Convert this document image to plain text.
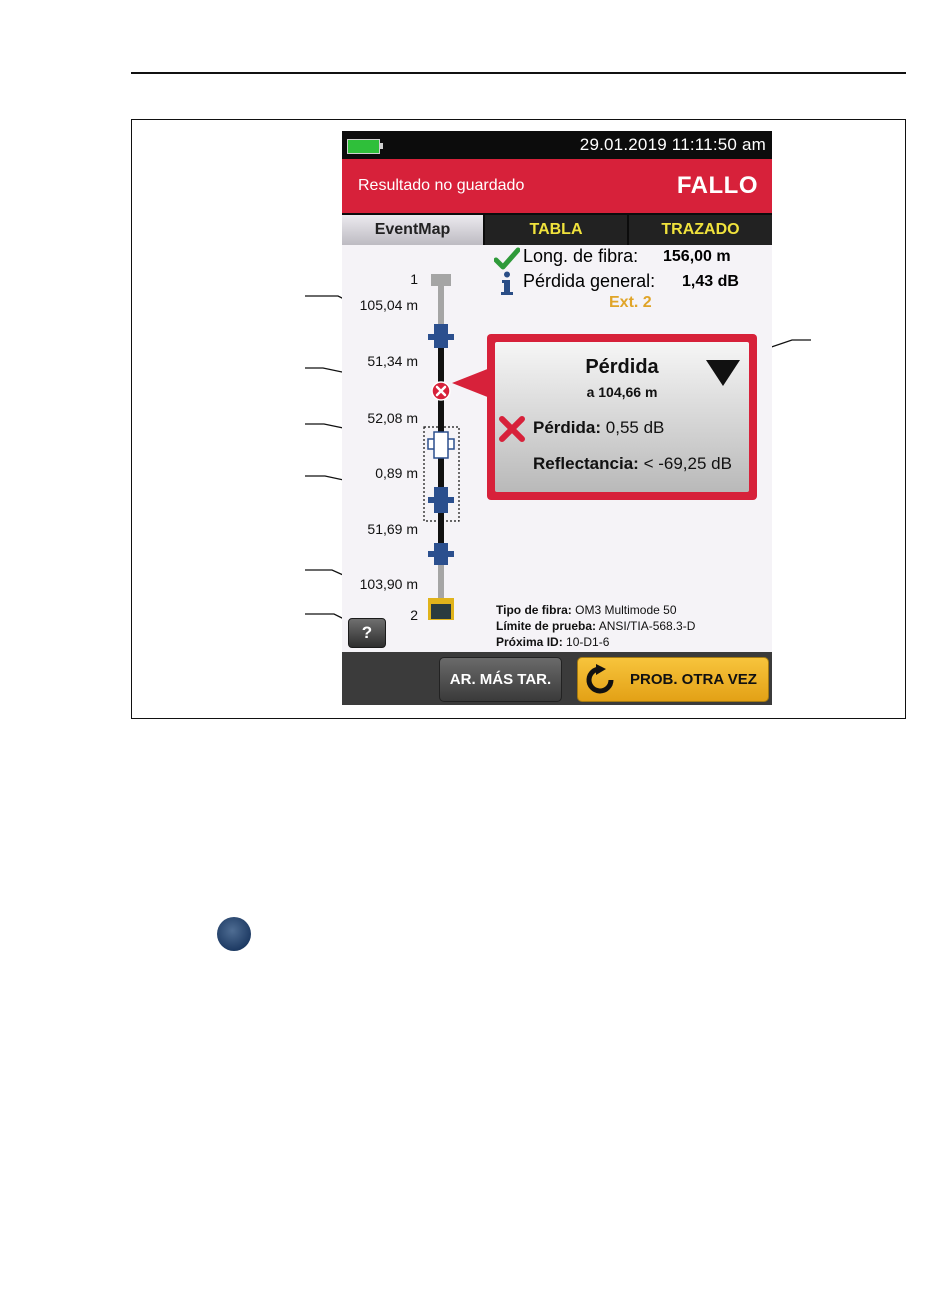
29.01.2019 11:11:50 am
Resultado no guardado	FALLO
EventMap	TABLA	TRAZADO
Long. de fibra: 156,00 m
Pérdida general: 1,43 dB
Ext. 2
1
105,04 m
51,34 m
52,08 m
0,89 m
51,69 m
103,90 m
2
Pérdida
a 104,66 m
Pérdida: 0,55 dB
Reflectancia: < -69,25 dB
Tipo de fibra: OM3 Multimode 50
Límite de prueba: ANSI/TIA-568.3-D
Próxima ID: 10-D1-6
?
AR. MÁS TAR.	PROB. OTRA VEZ
